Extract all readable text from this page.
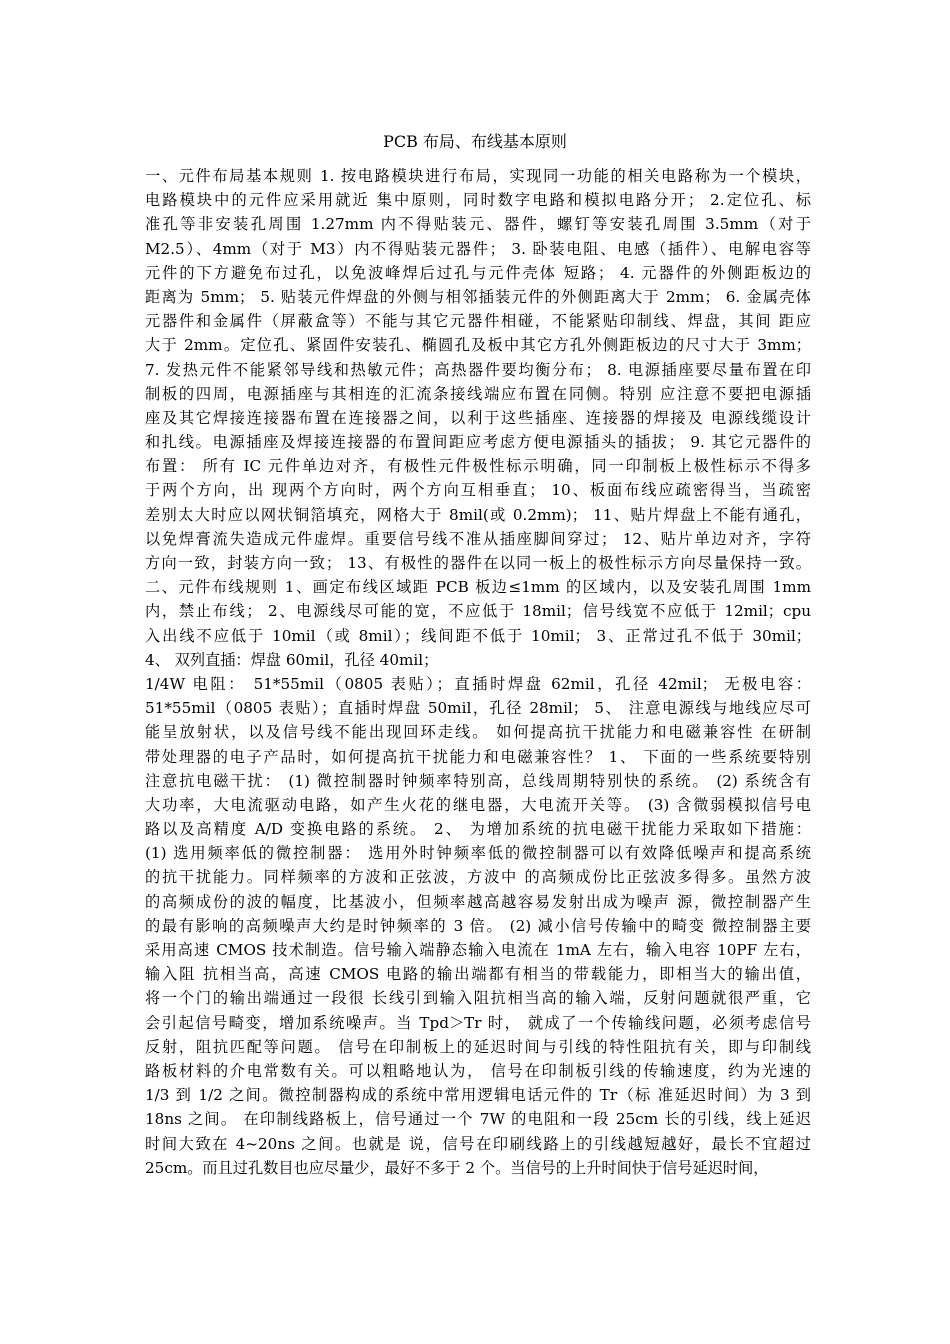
PCB 布局、布线基本原则
一、元件布局基本规则 1. 按电路模块进行布局，实现同一功能的相关电路称为一个模块，
电路模块中的元件应采用就近 集中原则，同时数字电路和模拟电路分开； 2.定位孔、标
准孔等非安装孔周围 1.27mm 内不得贴装元、器件，螺钉等安装孔周围 3.5mm（对于
M2.5）、4mm（对于 M3）内不得贴装元器件； 3. 卧装电阻、电感（插件）、电解电容等
元件的下方避免布过孔，以免波峰焊后过孔与元件壳体 短路； 4. 元器件的外侧距板边的
距离为 5mm； 5. 贴装元件焊盘的外侧与相邻插装元件的外侧距离大于 2mm； 6. 金属壳体
元器件和金属件（屏蔽盒等）不能与其它元器件相碰，不能紧贴印制线、焊盘，其间 距应
大于 2mm。定位孔、紧固件安装孔、椭圆孔及板中其它方孔外侧距板边的尺寸大于 3mm；
7. 发热元件不能紧邻导线和热敏元件；高热器件要均衡分布； 8. 电源插座要尽量布置在印
制板的四周，电源插座与其相连的汇流条接线端应布置在同侧。特别 应注意不要把电源插
座及其它焊接连接器布置在连接器之间，以利于这些插座、连接器的焊接及 电源线缆设计
和扎线。电源插座及焊接连接器的布置间距应考虑方便电源插头的插拔； 9. 其它元器件的
布置： 所有 IC 元件单边对齐，有极性元件极性标示明确，同一印制板上极性标示不得多
于两个方向，出 现两个方向时，两个方向互相垂直； 10、板面布线应疏密得当，当疏密
差别太大时应以网状铜箔填充，网格大于 8mil(或 0.2mm)； 11、贴片焊盘上不能有通孔，
以免焊膏流失造成元件虚焊。重要信号线不准从插座脚间穿过； 12、贴片单边对齐，字符
方向一致，封装方向一致； 13、有极性的器件在以同一板上的极性标示方向尽量保持一致。
二、元件布线规则 1、画定布线区域距 PCB 板边≤1mm 的区域内，以及安装孔周围 1mm
内，禁止布线； 2、电源线尽可能的宽，不应低于 18mil；信号线宽不应低于 12mil；cpu
入出线不应低于 10mil（或 8mil）；线间距不低于 10mil； 3、正常过孔不低于 30mil；
4、 双列直插：焊盘 60mil，孔径 40mil；
1/4W 电阻： 51*55mil（0805 表贴）；直插时焊盘 62mil，孔径 42mil； 无极电容：
51*55mil（0805 表贴）；直插时焊盘 50mil，孔径 28mil； 5、 注意电源线与地线应尽可
能呈放射状，以及信号线不能出现回环走线。 如何提高抗干扰能力和电磁兼容性 在研制
带处理器的电子产品时，如何提高抗干扰能力和电磁兼容性？ 1、 下面的一些系统要特别
注意抗电磁干扰： (1) 微控制器时钟频率特别高，总线周期特别快的系统。 (2) 系统含有
大功率，大电流驱动电路，如产生火花的继电器，大电流开关等。 (3) 含微弱模拟信号电
路以及高精度 A/D 变换电路的系统。 2、 为增加系统的抗电磁干扰能力采取如下措施：
(1) 选用频率低的微控制器： 选用外时钟频率低的微控制器可以有效降低噪声和提高系统
的抗干扰能力。同样频率的方波和正弦波，方波中 的高频成份比正弦波多得多。虽然方波
的高频成份的波的幅度，比基波小，但频率越高越容易发射出成为噪声 源，微控制器产生
的最有影响的高频噪声大约是时钟频率的 3 倍。 (2) 减小信号传输中的畸变 微控制器主要
采用高速 CMOS 技术制造。信号输入端静态输入电流在 1mA 左右，输入电容 10PF 左右，
输入阻 抗相当高，高速 CMOS 电路的输出端都有相当的带载能力，即相当大的输出值，
将一个门的输出端通过一段很 长线引到输入阻抗相当高的输入端，反射问题就很严重，它
会引起信号畸变，增加系统噪声。当 Tpd＞Tr 时， 就成了一个传输线问题，必须考虑信号
反射，阻抗匹配等问题。 信号在印制板上的延迟时间与引线的特性阻抗有关，即与印制线
路板材料的介电常数有关。可以粗略地认为， 信号在印制板引线的传输速度，约为光速的
1/3 到 1/2 之间。微控制器构成的系统中常用逻辑电话元件的 Tr（标 准延迟时间）为 3 到
18ns 之间。 在印制线路板上，信号通过一个 7W 的电阻和一段 25cm 长的引线，线上延迟
时间大致在 4~20ns 之间。也就是 说，信号在印刷线路上的引线越短越好，最长不宜超过
25cm。而且过孔数目也应尽量少，最好不多于 2 个。当信号的上升时间快于信号延迟时间，
